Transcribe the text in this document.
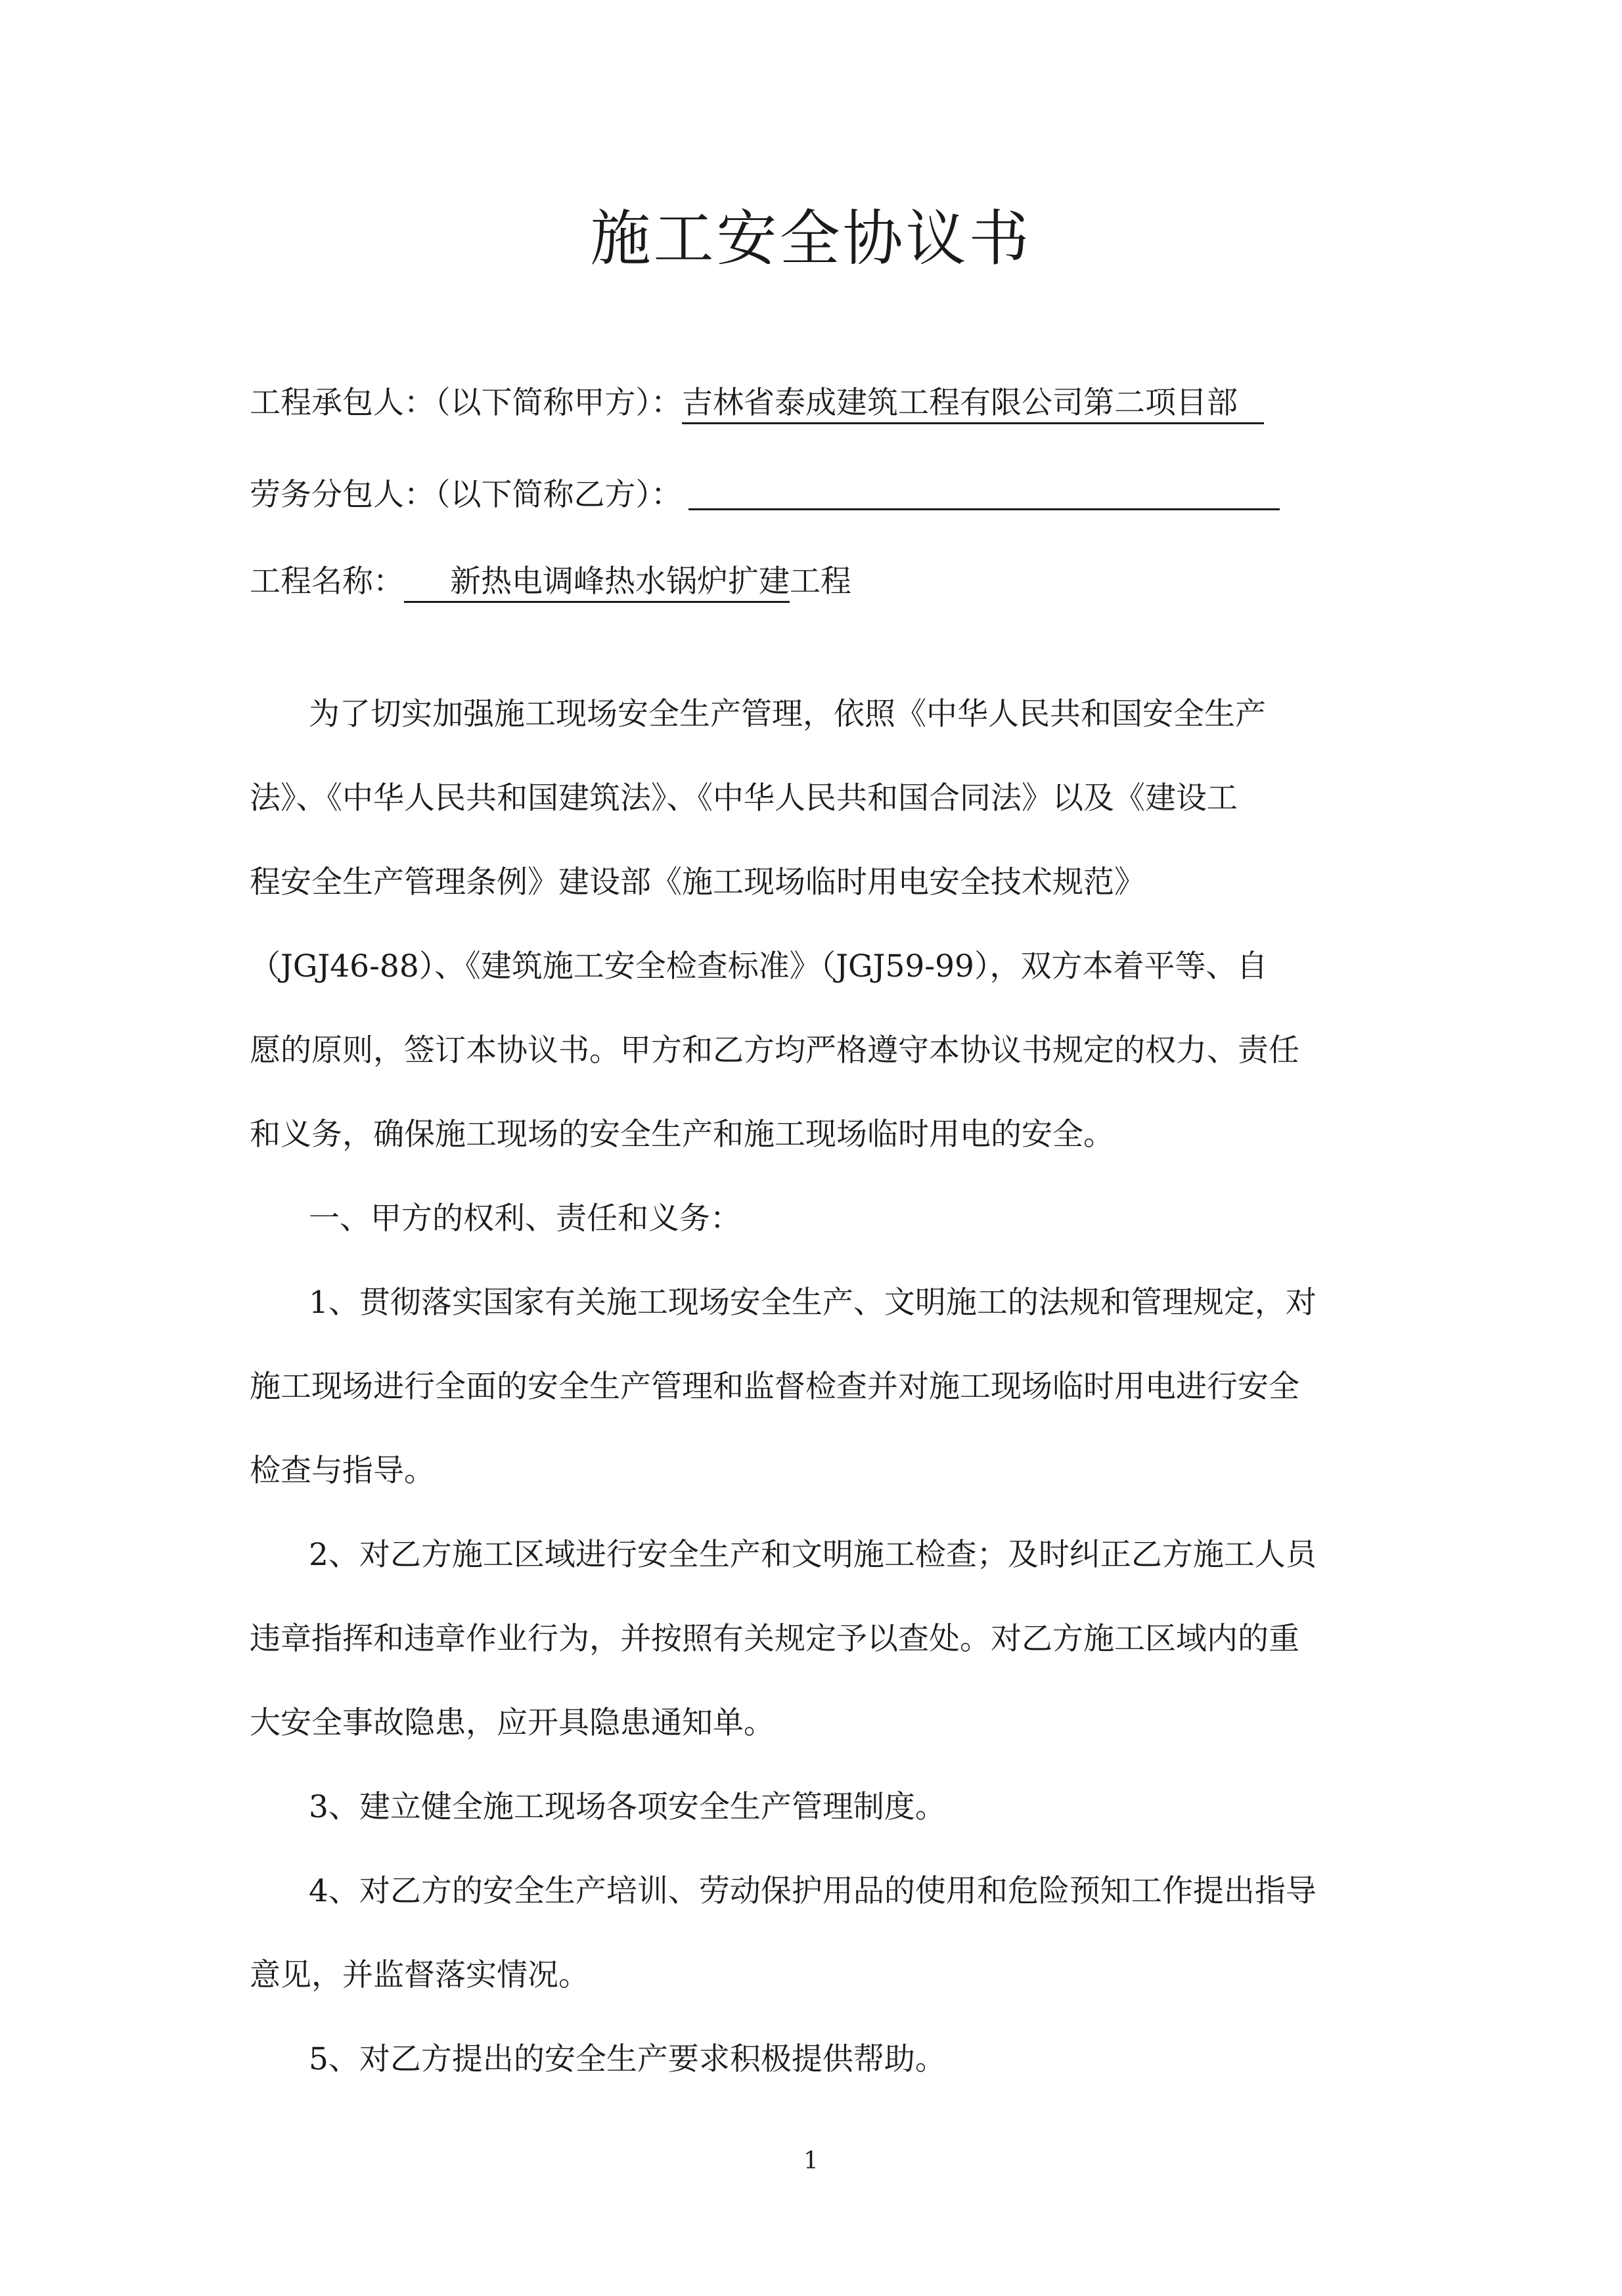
施工安全协议书
工程承包人：（以下简称甲方）：吉林省泰成建筑工程有限公司第二项目部
劳务分包人：（以下简称乙方）：
工程名称： 新热电调峰热水锅炉扩建工程
为了切实加强施工现场安全生产管理，依照《中华人民共和国安全生产
法》、《中华人民共和国建筑法》、《中华人民共和国合同法》以及《建设工
程安全生产管理条例》建设部《施工现场临时用电安全技术规范》
（JGJ46-88）、《建筑施工安全检查标准》（JGJ59-99），双方本着平等、自
愿的原则，签订本协议书。甲方和乙方均严格遵守本协议书规定的权力、责任
和义务，确保施工现场的安全生产和施工现场临时用电的安全。
一、甲方的权利、责任和义务：
1、贯彻落实国家有关施工现场安全生产、文明施工的法规和管理规定，对
施工现场进行全面的安全生产管理和监督检查并对施工现场临时用电进行安全
检查与指导。
2、对乙方施工区域进行安全生产和文明施工检查；及时纠正乙方施工人员
违章指挥和违章作业行为，并按照有关规定予以查处。对乙方施工区域内的重
大安全事故隐患，应开具隐患通知单。
3、建立健全施工现场各项安全生产管理制度。
4、对乙方的安全生产培训、劳动保护用品的使用和危险预知工作提出指导
意见，并监督落实情况。
5、对乙方提出的安全生产要求积极提供帮助。
1
